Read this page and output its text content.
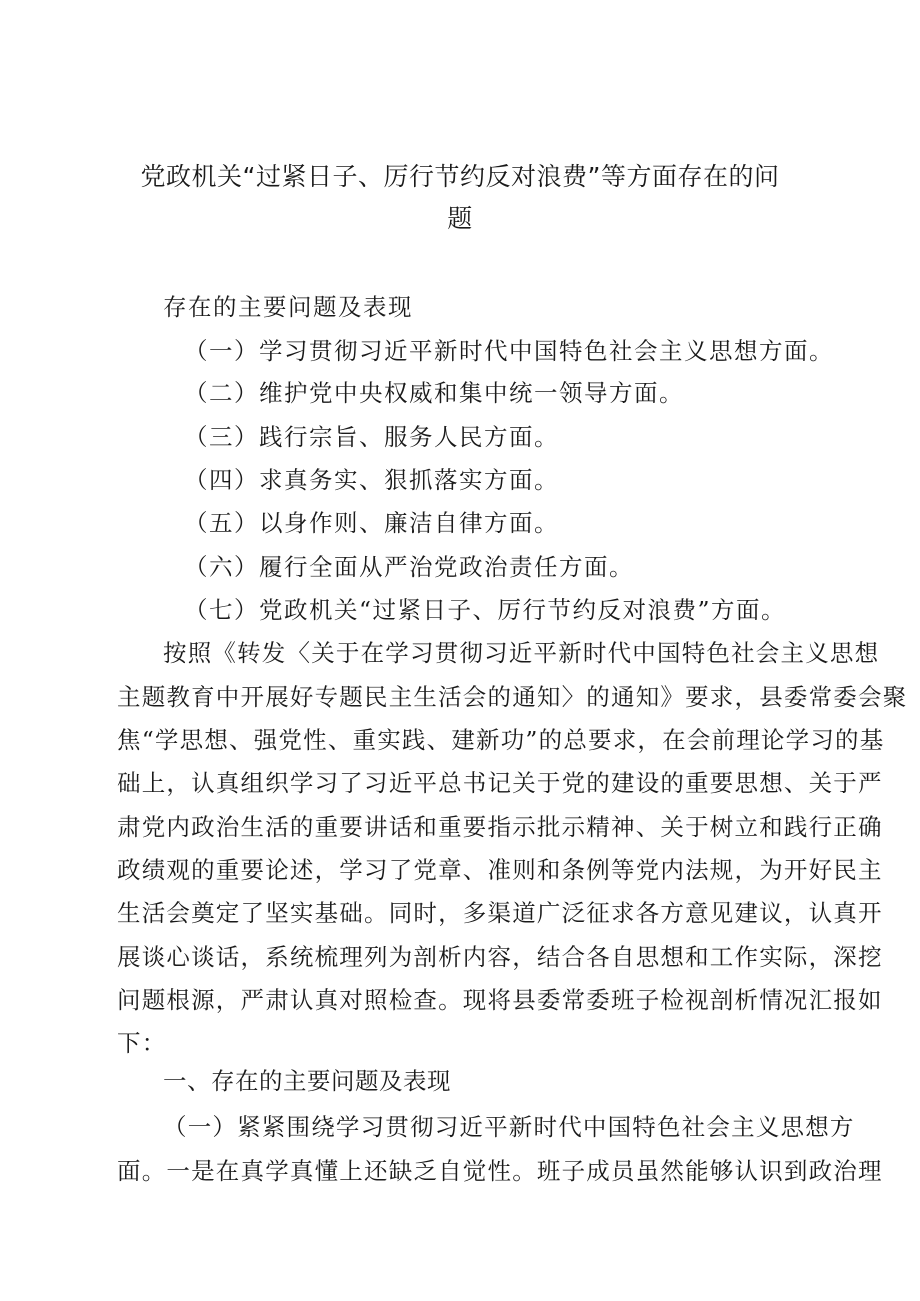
党政机关“过紧日子、厉行节约反对浪费”等方面存在的问
题
存在的主要问题及表现
（一）学习贯彻习近平新时代中国特色社会主义思想方面。
（二）维护党中央权威和集中统一领导方面。
（三）践行宗旨、服务人民方面。
（四）求真务实、狠抓落实方面。
（五）以身作则、廉洁自律方面。
（六）履行全面从严治党政治责任方面。
（七）党政机关“过紧日子、厉行节约反对浪费”方面。
按照《转发〈关于在学习贯彻习近平新时代中国特色社会主义思想
主题教育中开展好专题民主生活会的通知〉的通知》要求，县委常委会聚
焦“学思想、强党性、重实践、建新功”的总要求，在会前理论学习的基
础上，认真组织学习了习近平总书记关于党的建设的重要思想、关于严
肃党内政治生活的重要讲话和重要指示批示精神、关于树立和践行正确
政绩观的重要论述，学习了党章、准则和条例等党内法规，为开好民主
生活会奠定了坚实基础。同时，多渠道广泛征求各方意见建议，认真开
展谈心谈话，系统梳理列为剖析内容，结合各自思想和工作实际，深挖
问题根源，严肃认真对照检查。现将县委常委班子检视剖析情况汇报如
下：
一、存在的主要问题及表现
（一）紧紧围绕学习贯彻习近平新时代中国特色社会主义思想方
面。一是在真学真懂上还缺乏自觉性。班子成员虽然能够认识到政治理
